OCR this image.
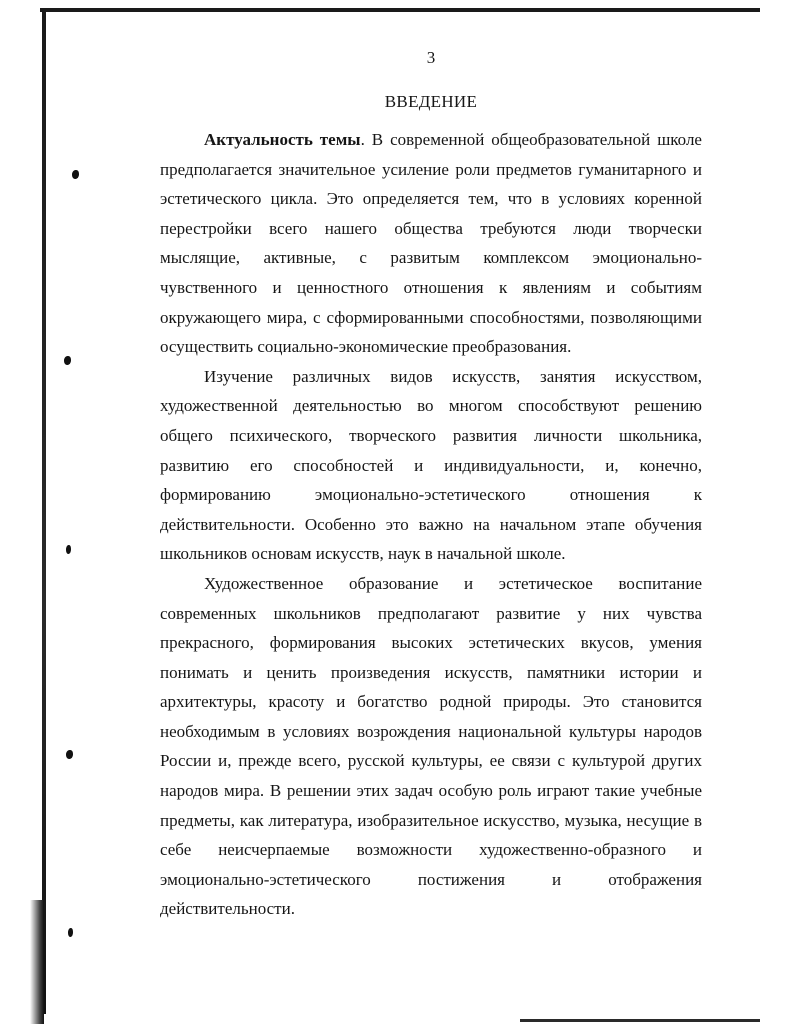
3
ВВЕДЕНИЕ

Актуальность темы. В современной общеобразовательной школе предполагается значительное усиление роли предметов гуманитарного и эстетического цикла. Это определяется тем, что в условиях коренной перестройки всего нашего общества требуются люди творчески мыслящие, активные, с развитым комплексом эмоционально-чувственного и ценностного отношения к явлениям и событиям окружающего мира, с сформированными способностями, позволяющими осуществить социально-экономические преобразования.

Изучение различных видов искусств, занятия искусством, художественной деятельностью во многом способствуют решению общего психического, творческого развития личности школьника, развитию его способностей и индивидуальности, и, конечно, формированию эмоционально-эстетического отношения к действительности. Особенно это важно на начальном этапе обучения школьников основам искусств, наук в начальной школе.

Художественное образование и эстетическое воспитание современных школьников предполагают развитие у них чувства прекрасного, формирования высоких эстетических вкусов, умения понимать и ценить произведения искусств, памятники истории и архитектуры, красоту и богатство родной природы. Это становится необходимым в условиях возрождения национальной культуры народов России и, прежде всего, русской культуры, ее связи с культурой других народов мира. В решении этих задач особую роль играют такие учебные предметы, как литература, изобразительное искусство, музыка, несущие в себе неисчерпаемые возможности художественно-образного и эмоционально-эстетического постижения и отображения действительности.
